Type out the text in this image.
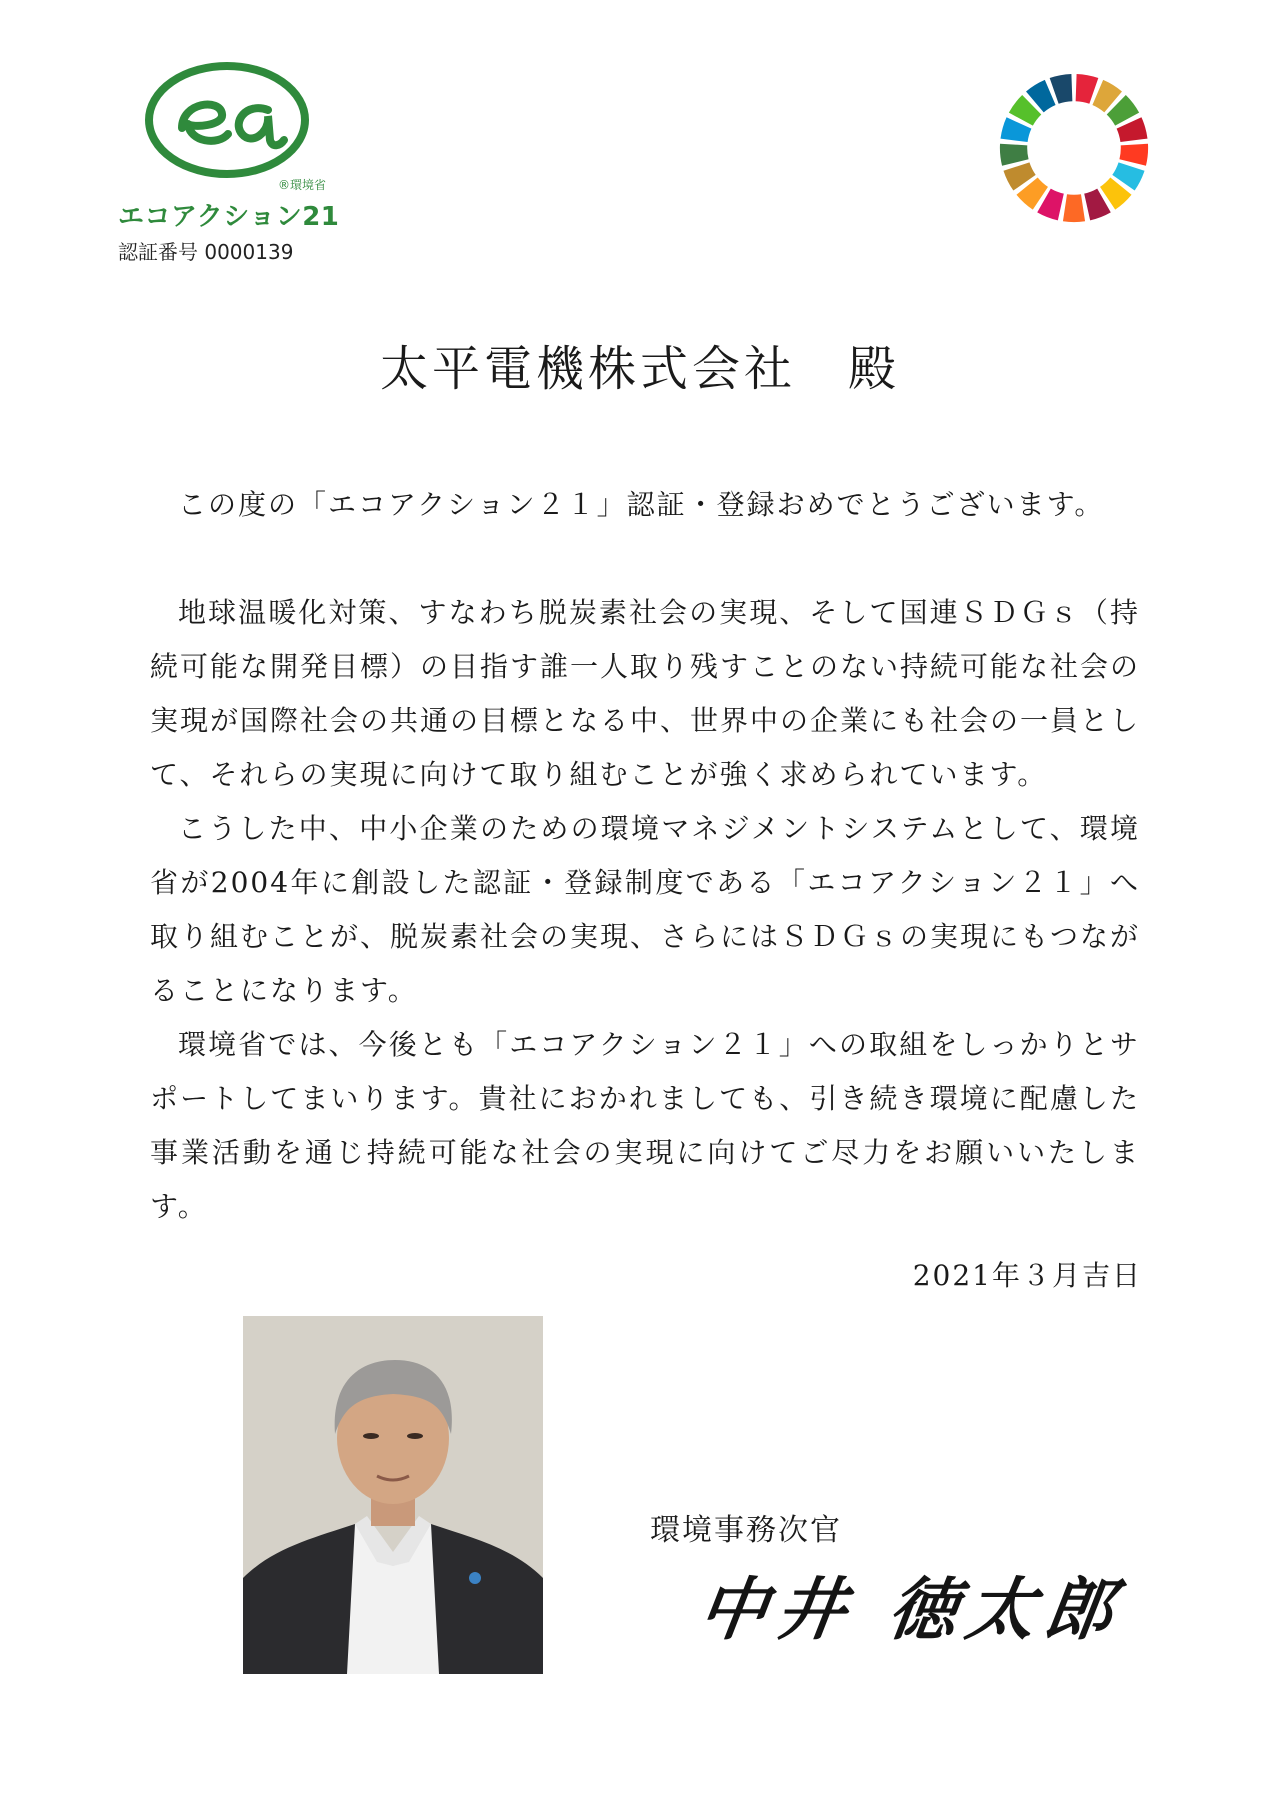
®環境省
エコアクション21
認証番号 0000139
太平電機株式会社　殿

この度の「エコアクション２１」認証・登録おめでとうございます。

地球温暖化対策、すなわち脱炭素社会の実現、そして国連ＳＤＧｓ（持続可能な開発目標）の目指す誰一人取り残すことのない持続可能な社会の実現が国際社会の共通の目標となる中、世界中の企業にも社会の一員として、それらの実現に向けて取り組むことが強く求められています。

こうした中、中小企業のための環境マネジメントシステムとして、環境省が2004年に創設した認証・登録制度である「エコアクション２１」へ取り組むことが、脱炭素社会の実現、さらにはＳＤＧｓの実現にもつながることになります。

環境省では、今後とも「エコアクション２１」への取組をしっかりとサポートしてまいります。貴社におかれましても、引き続き環境に配慮した事業活動を通じ持続可能な社会の実現に向けてご尽力をお願いいたします。

2021年３月吉日
環境事務次官
中井 徳太郎
